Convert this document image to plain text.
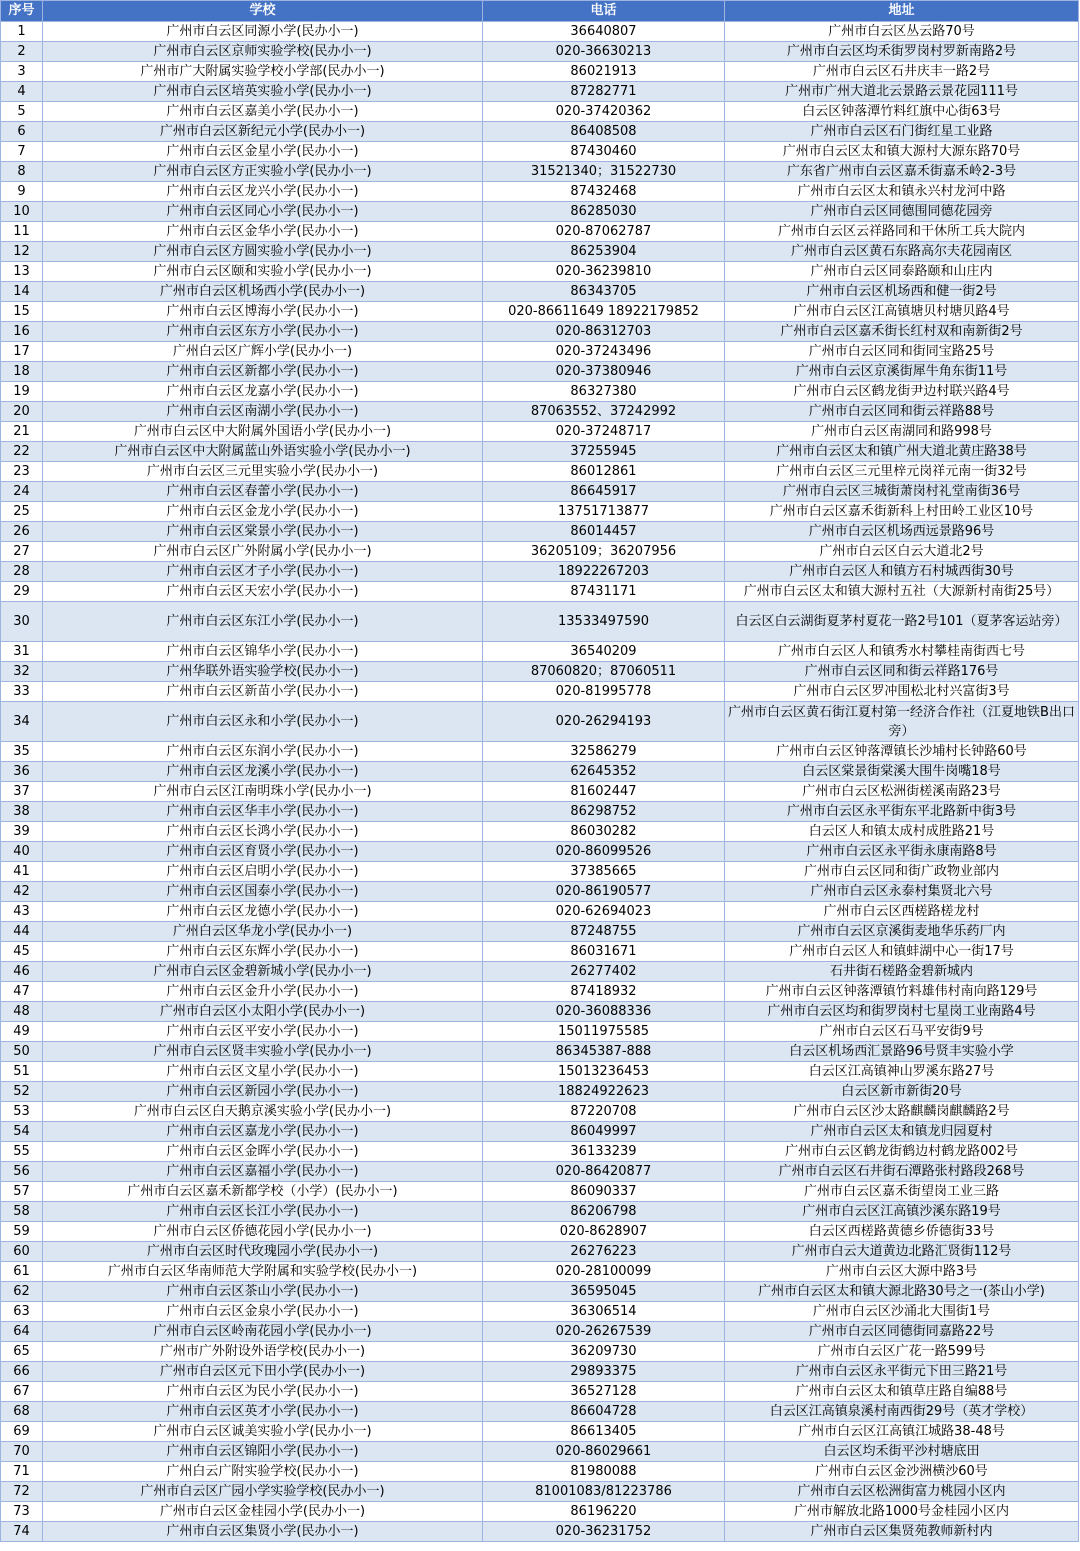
序号	学校	电话	地址
1	广州市白云区同源小学(民办小一)	36640807	广州市白云区丛云路70号
2	广州市白云区京师实验学校(民办小一)	020-36630213	广州市白云区均禾街罗岗村罗新南路2号
3	广州市广大附属实验学校小学部(民办小一)	86021913	广州市白云区石井庆丰一路2号
4	广州市白云区培英实验小学(民办小一)	87282771	广州市广州大道北云景路云景花园111号
5	广州市白云区嘉美小学(民办小一)	020-37420362	白云区钟落潭竹料红旗中心街63号
6	广州市白云区新纪元小学(民办小一)	86408508	广州市白云区石门街红星工业路
7	广州市白云区金星小学(民办小一)	87430460	广州市白云区太和镇大源村大源东路70号
8	广州市白云区方正实验小学(民办小一)	31521340；31522730	广东省广州市白云区嘉禾街嘉禾岭2-3号
9	广州市白云区龙兴小学(民办小一)	87432468	广州市白云区太和镇永兴村龙河中路
10	广州市白云区同心小学(民办小一)	86285030	广州市白云区同德围同德花园旁
11	广州市白云区金华小学(民办小一)	020-87062787	广州市白云区云祥路同和干休所工兵大院内
12	广州市白云区方圆实验小学(民办小一)	86253904	广州市白云区黄石东路高尔夫花园南区
13	广州市白云区颐和实验小学(民办小一)	020-36239810	广州市白云区同泰路颐和山庄内
14	广州市白云区机场西小学(民办小一)	86343705	广州市白云区机场西和健一街2号
15	广州市白云区博海小学(民办小一)	020-86611649 18922179852	广州市白云区江高镇塘贝村塘贝路4号
16	广州市白云区东方小学(民办小一)	020-86312703	广州市白云区嘉禾街长红村双和南新街2号
17	广州白云区广辉小学(民办小一)	020-37243496	广州市白云区同和街同宝路25号
18	广州市白云区新都小学(民办小一)	020-37380946	广州市白云区京溪街犀牛角东街11号
19	广州市白云区龙嘉小学(民办小一)	86327380	广州市白云区鹤龙街尹边村联兴路4号
20	广州市白云区南湖小学(民办小一)	87063552、37242992	广州市白云区同和街云祥路88号
21	广州市白云区中大附属外国语小学(民办小一)	020-37248717	广州市白云区南湖同和路998号
22	广州市白云区中大附属蓝山外语实验小学(民办小一)	37255945	广州市白云区太和镇广州大道北黄庄路38号
23	广州市白云区三元里实验小学(民办小一)	86012861	广州市白云区三元里梓元岗祥元南一街32号
24	广州市白云区春蕾小学(民办小一)	86645917	广州市白云区三城街萧岗村礼堂南街36号
25	广州市白云区金龙小学(民办小一)	13751713877	广州市白云区嘉禾街新科上村田岭工业区10号
26	广州市白云区棠景小学(民办小一)	86014457	广州市白云区机场西远景路96号
27	广州市白云区广外附属小学(民办小一)	36205109；36207956	广州市白云区白云大道北2号
28	广州市白云区才子小学(民办小一)	18922267203	广州市白云区人和镇方石村城西街30号
29	广州市白云区天宏小学(民办小一)	87431171	广州市白云区太和镇大源村五社（大源新村南街25号）
30	广州市白云区东江小学(民办小一)	13533497590	白云区白云湖街夏茅村夏花一路2号101（夏茅客运站旁）
31	广州市白云区锦华小学(民办小一)	36540209	广州市白云区人和镇秀水村攀桂南街西七号
32	广州华联外语实验学校(民办小一)	87060820；87060511	广州市白云区同和街云祥路176号
33	广州市白云区新苗小学(民办小一)	020-81995778	广州市白云区罗冲围松北村兴富街3号
34	广州市白云区永和小学(民办小一)	020-26294193	广州市白云区黄石街江夏村第一经济合作社（江夏地铁B出口旁）
35	广州市白云区东润小学(民办小一)	32586279	广州市白云区钟落潭镇长沙埔村长钟路60号
36	广州市白云区龙溪小学(民办小一)	62645352	白云区棠景街棠溪大围牛岗嘴18号
37	广州市白云区江南明珠小学(民办小一)	81602447	广州市白云区松洲街槎溪南路23号
38	广州市白云区华丰小学(民办小一)	86298752	广州市白云区永平街东平北路新中街3号
39	广州市白云区长鸿小学(民办小一)	86030282	白云区人和镇太成村成胜路21号
40	广州市白云区育贤小学(民办小一)	020-86099526	广州市白云区永平街永康南路8号
41	广州市白云区启明小学(民办小一)	37385665	广州市白云区同和街广政物业部内
42	广州市白云区国泰小学(民办小一)	020-86190577	广州市白云区永泰村集贤北六号
43	广州市白云区龙德小学(民办小一)	020-62694023	广州市白云区西槎路槎龙村
44	广州白云区华龙小学(民办小一)	87248755	广州市白云区京溪街麦地华乐药厂内
45	广州市白云区东辉小学(民办小一)	86031671	广州市白云区人和镇蚌湖中心一街17号
46	广州市白云区金碧新城小学(民办小一)	26277402	石井街石槎路金碧新城内
47	广州市白云区金升小学(民办小一)	87418932	广州市白云区钟落潭镇竹料雄伟村南向路129号
48	广州市白云区小太阳小学(民办小一)	020-36088336	广州市白云区均和街罗岗村七星岗工业南路4号
49	广州市白云区平安小学(民办小一)	15011975585	广州市白云区石马平安街9号
50	广州市白云区贤丰实验小学(民办小一)	86345387-888	白云区机场西汇景路96号贤丰实验小学
51	广州市白云区文星小学(民办小一)	15013236453	白云区江高镇神山罗溪东路27号
52	广州市白云区新园小学(民办小一)	18824922623	白云区新市新街20号
53	广州市白云区白天鹅京溪实验小学(民办小一)	87220708	广州市白云区沙太路麒麟岗麒麟路2号
54	广州市白云区嘉龙小学(民办小一)	86049997	广州市白云区太和镇龙归园夏村
55	广州市白云区金晖小学(民办小一)	36133239	广州市白云区鹤龙街鹤边村鹤龙路002号
56	广州市白云区嘉福小学(民办小一)	020-86420877	广州市白云区石井街石潭路张村路段268号
57	广州市白云区嘉禾新都学校（小学）(民办小一)	86090337	广州市白云区嘉禾街望岗工业三路
58	广州市白云区长江小学(民办小一)	86206798	广州市白云区江高镇沙溪东路19号
59	广州市白云区侨德花园小学(民办小一)	020-8628907	白云区西槎路黄德乡侨德街33号
60	广州市白云区时代玫瑰园小学(民办小一)	26276223	广州市白云大道黄边北路汇贤街112号
61	广州市白云区华南师范大学附属和实验学校(民办小一)	020-28100099	广州市白云区大源中路3号
62	广州市白云区茶山小学(民办小一)	36595045	广州市白云区太和镇大源北路30号之一(茶山小学)
63	广州市白云区金泉小学(民办小一)	36306514	广州市白云区沙涌北大围街1号
64	广州市白云区岭南花园小学(民办小一)	020-26267539	广州市白云区同德街同嘉路22号
65	广州市广外附设外语学校(民办小一)	36209730	广州市白云区广花一路599号
66	广州市白云区元下田小学(民办小一)	29893375	广州市白云区永平街元下田三路21号
67	广州市白云区为民小学(民办小一)	36527128	广州市白云区太和镇草庄路自编88号
68	广州市白云区英才小学(民办小一)	86604728	白云区江高镇泉溪村南西街29号（英才学校）
69	广州市白云区诚美实验小学(民办小一)	86613405	广州市白云区江高镇江城路38-48号
70	广州市白云区锦阳小学(民办小一)	020-86029661	白云区均禾街平沙村塘底田
71	广州白云广附实验学校(民办小一)	81980088	广州市白云区金沙洲横沙60号
72	广州市白云区广园小学实验学校(民办小一)	81001083/81223786	广州市白云区松洲街富力桃园小区内
73	广州市白云区金桂园小学(民办小一)	86196220	广州市解放北路1000号金桂园小区内
74	广州市白云区集贤小学(民办小一)	020-36231752	广州市白云区集贤苑教师新村内
